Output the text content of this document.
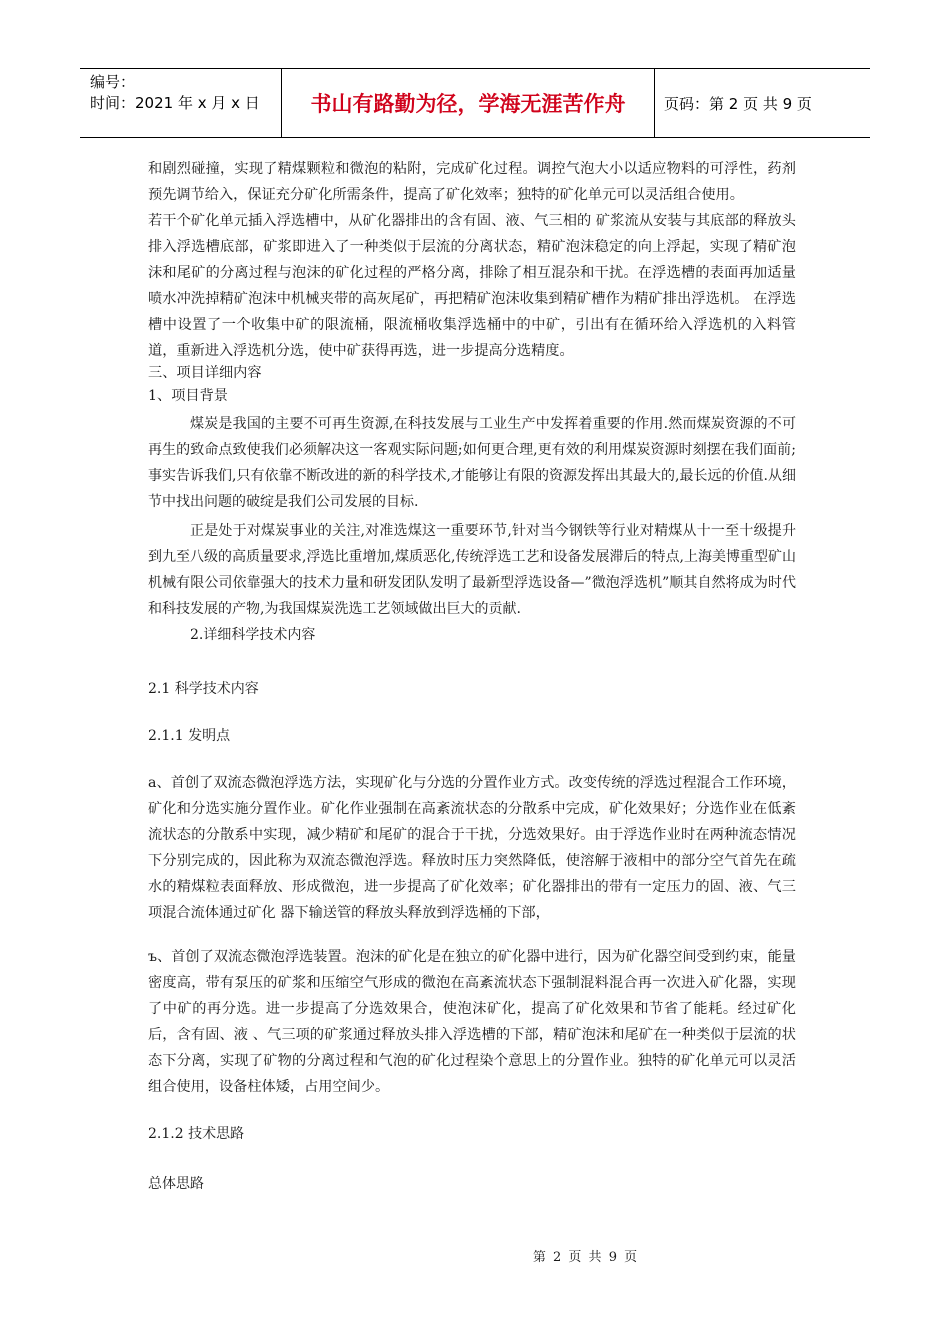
编号：
时间：2021 年 x 月 x 日	书山有路勤为径，学海无涯苦作舟	页码：第 2 页 共 9 页

和剧烈碰撞，实现了精煤颗粒和微泡的粘附，完成矿化过程。调控气泡大小以适应物料的可浮性，药剂预先调节给入，保证充分矿化所需条件，提高了矿化效率；独特的矿化单元可以灵活组合使用。

若干个矿化单元插入浮选槽中，从矿化器排出的含有固、液、气三相的 矿浆流从安装与其底部的释放头排入浮选槽底部，矿浆即进入了一种类似于层流的分离状态，精矿泡沫稳定的向上浮起，实现了精矿泡沫和尾矿的分离过程与泡沫的矿化过程的严格分离，排除了相互混杂和干扰。在浮选槽的表面再加适量喷水冲洗掉精矿泡沫中机械夹带的高灰尾矿，再把精矿泡沫收集到精矿槽作为精矿排出浮选机。 在浮选槽中设置了一个收集中矿的限流桶，限流桶收集浮选桶中的中矿，引出有在循环给入浮选机的入料管道，重新进入浮选机分选，使中矿获得再选，进一步提高分选精度。

三、项目详细内容

1、项目背景

煤炭是我国的主要不可再生资源,在科技发展与工业生产中发挥着重要的作用.然而煤炭资源的不可再生的致命点致使我们必须解决这一客观实际问题;如何更合理,更有效的利用煤炭资源时刻摆在我们面前;事实告诉我们,只有依靠不断改进的新的科学技术,才能够让有限的资源发挥出其最大的,最长远的价值.从细节中找出问题的破绽是我们公司发展的目标.

正是处于对煤炭事业的关注,对准选煤这一重要环节,针对当今钢铁等行业对精煤从十一至十级提升到九至八级的高质量要求,浮选比重增加,煤质恶化,传统浮选工艺和设备发展滞后的特点,上海美博重型矿山机械有限公司依靠强大的技术力量和研发团队发明了最新型浮选设备—”微泡浮选机”顺其自然将成为时代和科技发展的产物,为我国煤炭洗选工艺领域做出巨大的贡献.

2.详细科学技术内容

2.1 科学技术内容

2.1.1 发明点

a、首创了双流态微泡浮选方法，实现矿化与分选的分置作业方式。改变传统的浮选过程混合工作环境，矿化和分选实施分置作业。矿化作业强制在高紊流状态的分散系中完成，矿化效果好；分选作业在低紊流状态的分散系中实现，减少精矿和尾矿的混合于干扰，分选效果好。由于浮选作业时在两种流态情况下分别完成的，因此称为双流态微泡浮选。释放时压力突然降低，使溶解于液相中的部分空气首先在疏水的精煤粒表面释放、形成微泡，进一步提高了矿化效率；矿化器排出的带有一定压力的固、液、气三项混合流体通过矿化 器下输送管的释放头释放到浮选桶的下部，

ъ、首创了双流态微泡浮选装置。泡沫的矿化是在独立的矿化器中进行，因为矿化器空间受到约束，能量密度高，带有泵压的矿浆和压缩空气形成的微泡在高紊流状态下强制混料混合再一次进入矿化器，实现了中矿的再分选。进一步提高了分选效果合，使泡沫矿化，提高了矿化效果和节省了能耗。经过矿化后，含有固、液 、气三项的矿浆通过释放头排入浮选槽的下部，精矿泡沫和尾矿在一种类似于层流的状态下分离，实现了矿物的分离过程和气泡的矿化过程染个意思上的分置作业。独特的矿化单元可以灵活组合使用，设备柱体矮，占用空间少。

2.1.2 技术思路

总体思路

第 2 页 共 9 页
